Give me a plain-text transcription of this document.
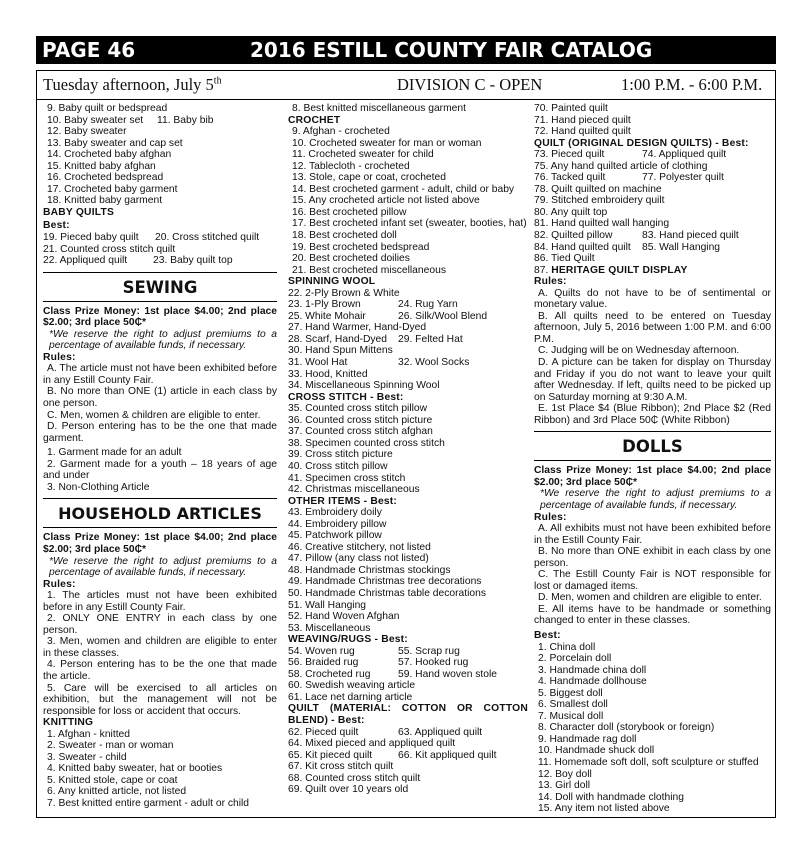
PAGE 46	2016 ESTILL COUNTY FAIR CATALOG
Tuesday afternoon, July 5th	DIVISION C - OPEN	1:00 P.M. - 6:00 P.M.
9. Baby quilt or bedspread
10. Baby sweater set 11. Baby bib
12. Baby sweater
13. Baby sweater and cap set
14. Crocheted baby afghan
15. Knitted baby afghan
16. Crocheted bedspread
17. Crocheted baby garment
18. Knitted baby garment
BABY QUILTS
Best:
19. Pieced baby quilt 20. Cross stitched quilt
21. Counted cross stitch quilt
22. Appliqued quilt	23. Baby quilt top
SEWING
Class Prize Money: 1st place $4.00; 2nd place $2.00; 3rd place 50₵*
*We reserve the right to adjust premiums to a percentage of available funds, if necessary.
Rules:
A. The article must not have been exhibited before in any Estill County Fair.
B. No more than ONE (1) article in each class by one person.
C. Men, women & children are eligible to enter.
D. Person entering has to be the one that made garment.
1. Garment made for an adult
2. Garment made for a youth – 18 years of age and under
3. Non-Clothing Article
HOUSEHOLD ARTICLES
Class Prize Money: 1st place $4.00; 2nd place $2.00; 3rd place 50₵*
*We reserve the right to adjust premiums to a percentage of available funds, if necessary.
Rules:
1. The articles must not have been exhibited before in any Estill County Fair.
2. ONLY ONE ENTRY in each class by one person.
3. Men, women and children are eligible to enter in these classes.
4. Person entering has to be the one that made the article.
5. Care will be exercised to all articles on exhibition, but the management will not be responsible for loss or accident that occurs.
KNITTING
1. Afghan - knitted
2. Sweater - man or woman
3. Sweater - child
4. Knitted baby sweater, hat or booties
5. Knitted stole, cape or coat
6. Any knitted article, not listed
7. Best knitted entire garment - adult or child
8. Best knitted miscellaneous garment
CROCHET
9. Afghan - crocheted
10. Crocheted sweater for man or woman
11. Crocheted sweater for child
12. Tablecloth - crocheted
13. Stole, cape or coat, crocheted
14. Best crocheted garment - adult, child or baby
15. Any crocheted article not listed above
16. Best crocheted pillow
17. Best crocheted infant set (sweater, booties, hat)
18. Best crocheted doll
19. Best crocheted bedspread
20. Best crocheted doilies
21. Best crocheted miscellaneous
SPINNING WOOL
22. 2-Ply Brown & White
23. 1-Ply Brown	24. Rug Yarn
25. White Mohair	26. Silk/Wool Blend
27. Hand Warmer, Hand-Dyed
28. Scarf, Hand-Dyed 29. Felted Hat
30. Hand Spun Mittens
31. Wool Hat	32. Wool Socks
33. Hood, Knitted
34. Miscellaneous Spinning Wool
CROSS STITCH - Best:
35. Counted cross stitch pillow
36. Counted cross stitch picture
37. Counted cross stitch afghan
38. Specimen counted cross stitch
39. Cross stitch picture
40. Cross stitch pillow
41. Specimen cross stitch
42. Christmas miscellaneous
OTHER ITEMS - Best:
43. Embroidery doily
44. Embroidery pillow
45. Patchwork pillow
46. Creative stitchery, not listed
47. Pillow (any class not listed)
48. Handmade Christmas stockings
49. Handmade Christmas tree decorations
50. Handmade Christmas table decorations
51. Wall Hanging
52. Hand Woven Afghan
53. Miscellaneous
WEAVING/RUGS - Best:
54. Woven rug	55. Scrap rug
56. Braided rug	57. Hooked rug
58. Crocheted rug	59. Hand woven stole
60. Swedish weaving article
61. Lace net darning article
QUILT (MATERIAL: COTTON OR COTTON BLEND) - Best:
62. Pieced quilt	63. Appliqued quilt
64. Mixed pieced and appliqued quilt
65. Kit pieced quilt	66. Kit appliqued quilt
67. Kit cross stitch quilt
68. Counted cross stitch quilt
69. Quilt over 10 years old
70. Painted quilt
71. Hand pieced quilt
72. Hand quilted quilt
QUILT (ORIGINAL DESIGN QUILTS) - Best:
73. Pieced quilt	74. Appliqued quilt
75. Any hand quilted article of clothing
76. Tacked quilt	77. Polyester quilt
78. Quilt quilted on machine
79. Stitched embroidery quilt
80. Any quilt top
81. Hand quilted wall hanging
82. Quilted pillow	83. Hand pieced quilt
84. Hand quilted quilt 85. Wall Hanging
86. Tied Quilt
87. HERITAGE QUILT DISPLAY
Rules:
A. Quilts do not have to be of sentimental or monetary value.
B. All quilts need to be entered on Tuesday afternoon, July 5, 2016 between 1:00 P.M. and 6:00 P.M.
C. Judging will be on Wednesday afternoon.
D. A picture can be taken for display on Thursday and Friday if you do not want to leave your quilt after Wednesday. If left, quilts need to be picked up on Saturday morning at 9:30 A.M.
E. 1st Place $4 (Blue Ribbon); 2nd Place $2 (Red Ribbon) and 3rd Place 50₵ (White Ribbon)
DOLLS
Class Prize Money: 1st place $4.00; 2nd place $2.00; 3rd place 50₵*
*We reserve the right to adjust premiums to a percentage of available funds, if necessary.
Rules:
A. All exhibits must not have been exhibited before in the Estill County Fair.
B. No more than ONE exhibit in each class by one person.
C. The Estill County Fair is NOT responsible for lost or damaged items.
D. Men, women and children are eligible to enter.
E. All items have to be handmade or something changed to enter in these classes.
Best:
1. China doll
2. Porcelain doll
3. Handmade china doll
4. Handmade dollhouse
5. Biggest doll
6. Smallest doll
7. Musical doll
8. Character doll (storybook or foreign)
9. Handmade rag doll
10. Handmade shuck doll
11. Homemade soft doll, soft sculpture or stuffed
12. Boy doll
13. Girl doll
14. Doll with handmade clothing
15. Any item not listed above
